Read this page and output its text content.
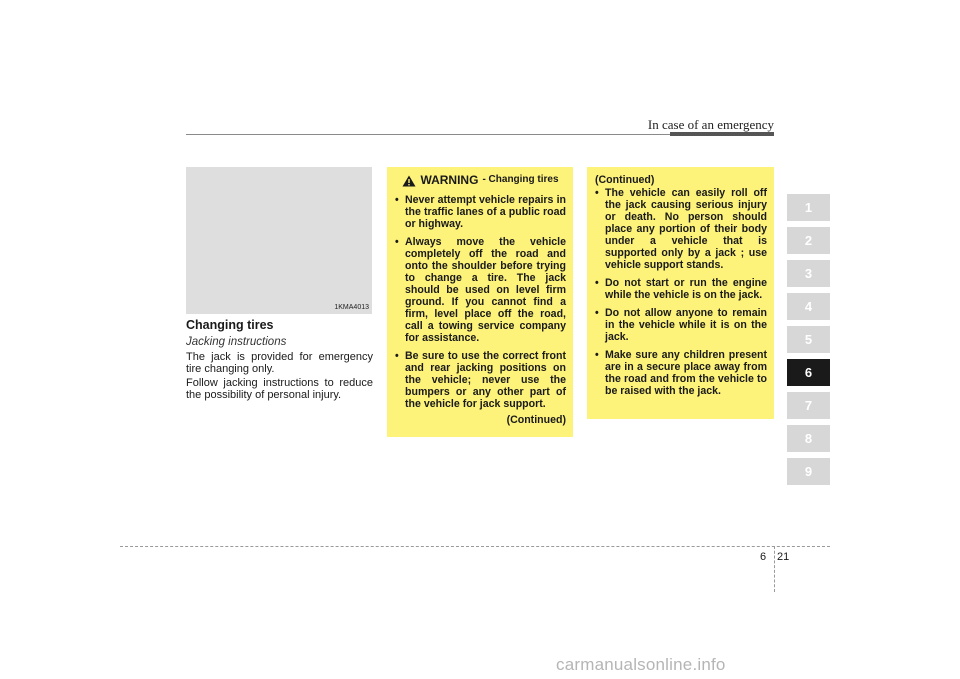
In case of an emergency
1KMA4013
Changing tires
Jacking instructions

The jack is provided for emergency tire changing only.

Follow jacking instructions to reduce the possibility of personal injury.

WARNING - Changing tires
• Never attempt vehicle repairs in the traffic lanes of a public road or highway.
• Always move the vehicle completely off the road and onto the shoulder before trying to change a tire. The jack should be used on level firm ground. If you cannot find a firm, level place off the road, call a towing service company for assistance.
• Be sure to use the correct front and rear jacking positions on the vehicle; never use the bumpers or any other part of the vehicle for jack support.
(Continued)
(Continued)
• The vehicle can easily roll off the jack causing serious injury or death. No person should place any portion of their body under a vehicle that is supported only by a jack ; use vehicle support stands.
• Do not start or run the engine while the vehicle is on the jack.
• Do not allow anyone to remain in the vehicle while it is on the jack.
• Make sure any children present are in a secure place away from the road and from the vehicle to be raised with the jack.
1
2
3
4
5
6
7
8
9
6 21
carmanualsonline.info
